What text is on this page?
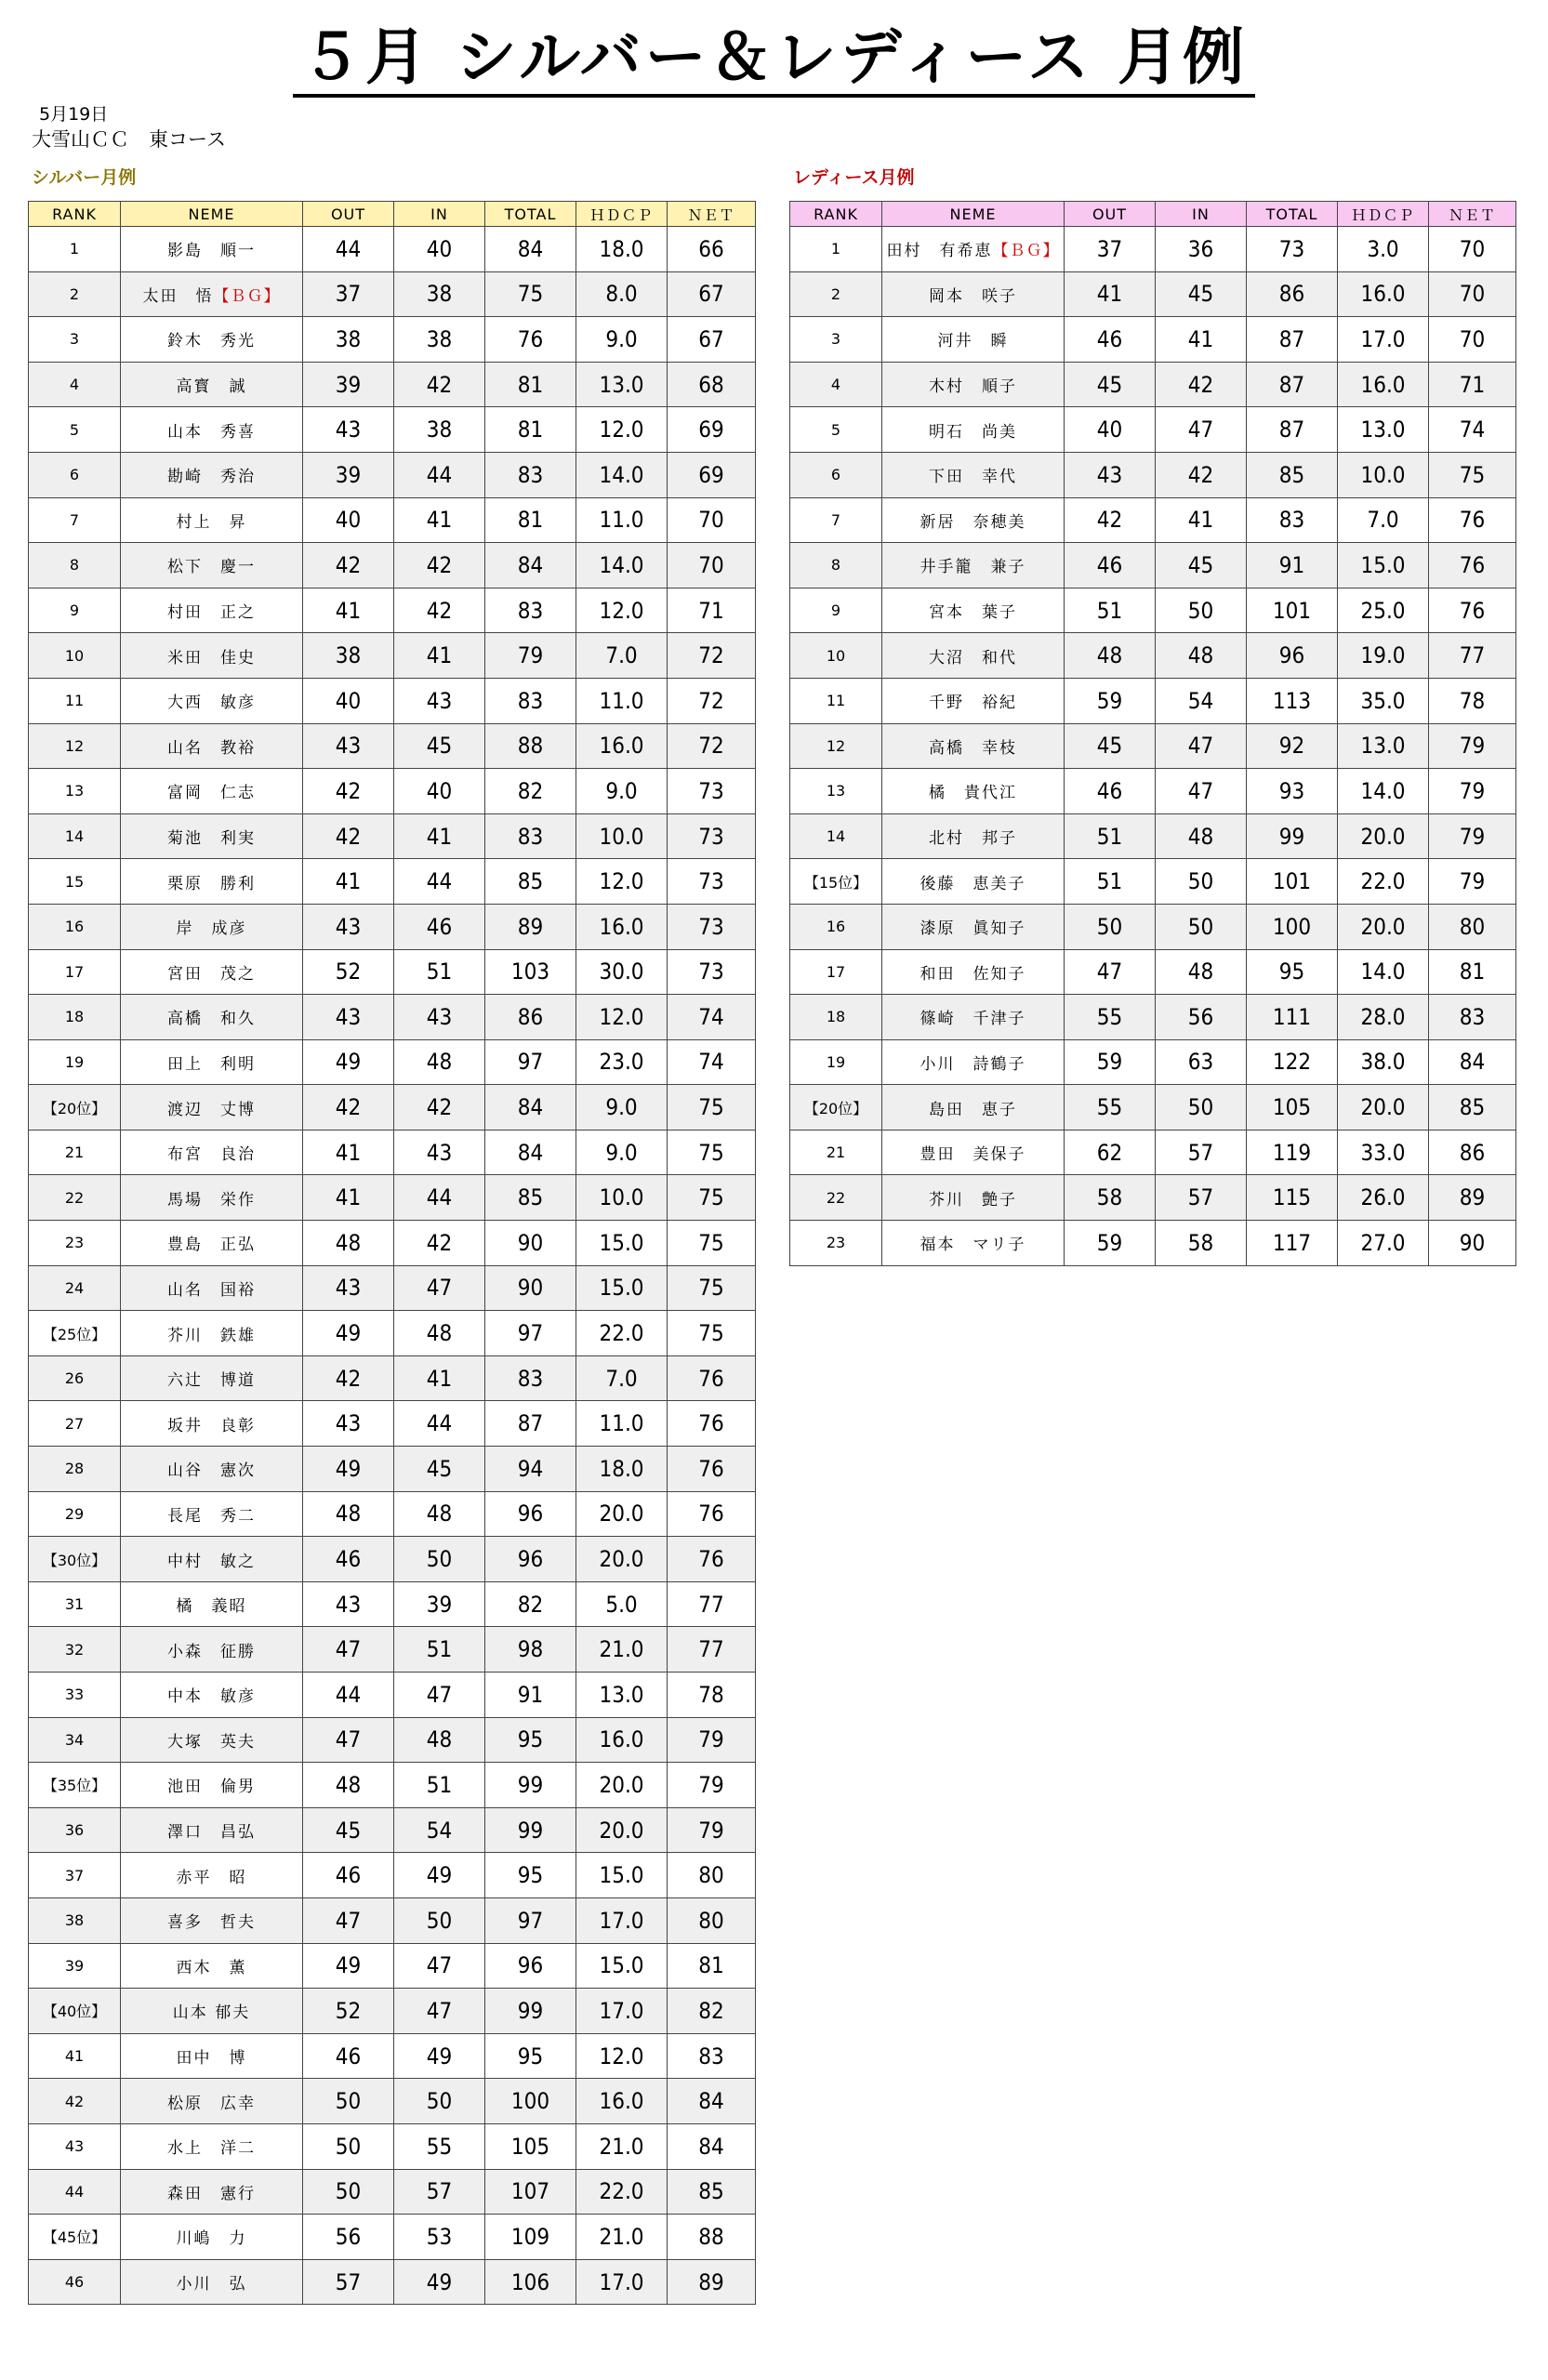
５月 シルバー＆レディース 月例
5月19日
大雪山ＣＣ　東コース
シルバー月例	レディース月例
RANK	NEME	OUT	IN	TOTAL	ＨＤＣＰ	ＮＥＴ
1	影島　順一	44	40	84	18.0	66
2	太田　悟【ＢＧ】	37	38	75	8.0	67
3	鈴木　秀光	38	38	76	9.0	67
4	高寳　誠	39	42	81	13.0	68
5	山本　秀喜	43	38	81	12.0	69
6	勘崎　秀治	39	44	83	14.0	69
7	村上　昇	40	41	81	11.0	70
8	松下　慶一	42	42	84	14.0	70
9	村田　正之	41	42	83	12.0	71
10	米田　佳史	38	41	79	7.0	72
11	大西　敏彦	40	43	83	11.0	72
12	山名　教裕	43	45	88	16.0	72
13	富岡　仁志	42	40	82	9.0	73
14	菊池　利実	42	41	83	10.0	73
15	栗原　勝利	41	44	85	12.0	73
16	岸　成彦	43	46	89	16.0	73
17	宮田　茂之	52	51	103	30.0	73
18	高橋　和久	43	43	86	12.0	74
19	田上　利明	49	48	97	23.0	74
【20位】	渡辺　丈博	42	42	84	9.0	75
21	布宮　良治	41	43	84	9.0	75
22	馬場　栄作	41	44	85	10.0	75
23	豊島　正弘	48	42	90	15.0	75
24	山名　国裕	43	47	90	15.0	75
【25位】	芥川　鉄雄	49	48	97	22.0	75
26	六辻　博道	42	41	83	7.0	76
27	坂井　良彰	43	44	87	11.0	76
28	山谷　憲次	49	45	94	18.0	76
29	長尾　秀二	48	48	96	20.0	76
【30位】	中村　敏之	46	50	96	20.0	76
31	橘　義昭	43	39	82	5.0	77
32	小森　征勝	47	51	98	21.0	77
33	中本　敏彦	44	47	91	13.0	78
34	大塚　英夫	47	48	95	16.0	79
【35位】	池田　倫男	48	51	99	20.0	79
36	澤口　昌弘	45	54	99	20.0	79
37	赤平　昭	46	49	95	15.0	80
38	喜多　哲夫	47	50	97	17.0	80
39	西木　薫	49	47	96	15.0	81
【40位】	山本 郁夫	52	47	99	17.0	82
41	田中　博	46	49	95	12.0	83
42	松原　広幸	50	50	100	16.0	84
43	水上　洋二	50	55	105	21.0	84
44	森田　憲行	50	57	107	22.0	85
【45位】	川嶋　力	56	53	109	21.0	88
46	小川　弘	57	49	106	17.0	89
RANK	NEME	OUT	IN	TOTAL	ＨＤＣＰ	ＮＥＴ
1	田村　有希恵【ＢＧ】	37	36	73	3.0	70
2	岡本　咲子	41	45	86	16.0	70
3	河井　瞬	46	41	87	17.0	70
4	木村　順子	45	42	87	16.0	71
5	明石　尚美	40	47	87	13.0	74
6	下田　幸代	43	42	85	10.0	75
7	新居　奈穂美	42	41	83	7.0	76
8	井手籠　兼子	46	45	91	15.0	76
9	宮本　葉子	51	50	101	25.0	76
10	大沼　和代	48	48	96	19.0	77
11	千野　裕紀	59	54	113	35.0	78
12	高橋　幸枝	45	47	92	13.0	79
13	橘　貴代江	46	47	93	14.0	79
14	北村　邦子	51	48	99	20.0	79
【15位】	後藤　恵美子	51	50	101	22.0	79
16	漆原　眞知子	50	50	100	20.0	80
17	和田　佐知子	47	48	95	14.0	81
18	篠崎　千津子	55	56	111	28.0	83
19	小川　詩鶴子	59	63	122	38.0	84
【20位】	島田　恵子	55	50	105	20.0	85
21	豊田　美保子	62	57	119	33.0	86
22	芥川　艶子	58	57	115	26.0	89
23	福本　マリ子	59	58	117	27.0	90
